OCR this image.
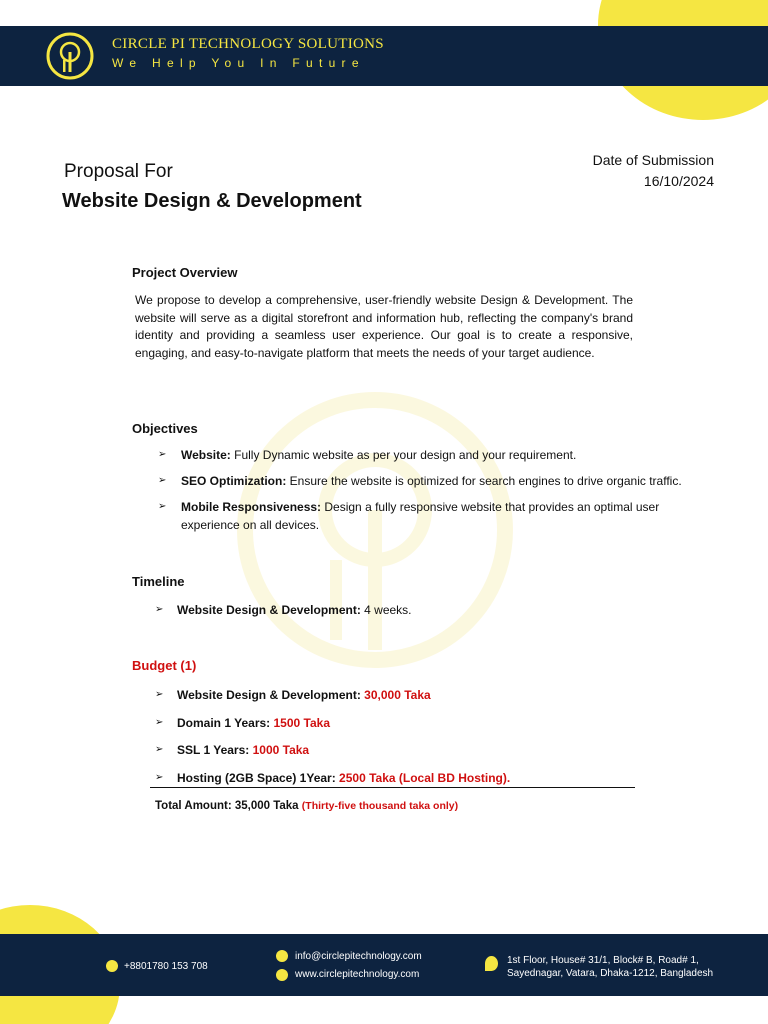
CIRCLE PI TECHNOLOGY SOLUTIONS
We Help You In Future
Proposal For
Website Design & Development
Date of Submission
16/10/2024
Project Overview
We propose to develop a comprehensive, user-friendly website Design & Development. The website will serve as a digital storefront and information hub, reflecting the company's brand identity and providing a seamless user experience. Our goal is to create a responsive, engaging, and easy-to-navigate platform that meets the needs of your target audience.
Objectives
➢	Website: Fully Dynamic website as per your design and your requirement.
➢	SEO Optimization: Ensure the website is optimized for search engines to drive organic traffic.
➢	Mobile Responsiveness: Design a fully responsive website that provides an optimal user experience on all devices.
Timeline
➢	Website Design & Development: 4 weeks.
Budget (1)
➢	Website Design & Development: 30,000 Taka
➢	Domain 1 Years: 1500 Taka
➢	SSL 1 Years: 1000 Taka
➢	Hosting (2GB Space) 1Year: 2500 Taka (Local BD Hosting).
Total Amount: 35,000 Taka (Thirty-five thousand taka only)
+8801780 153 708
info@circlepitechnology.com
www.circlepitechnology.com
1st Floor, House# 31/1, Block# B, Road# 1,
Sayednagar, Vatara, Dhaka-1212, Bangladesh
